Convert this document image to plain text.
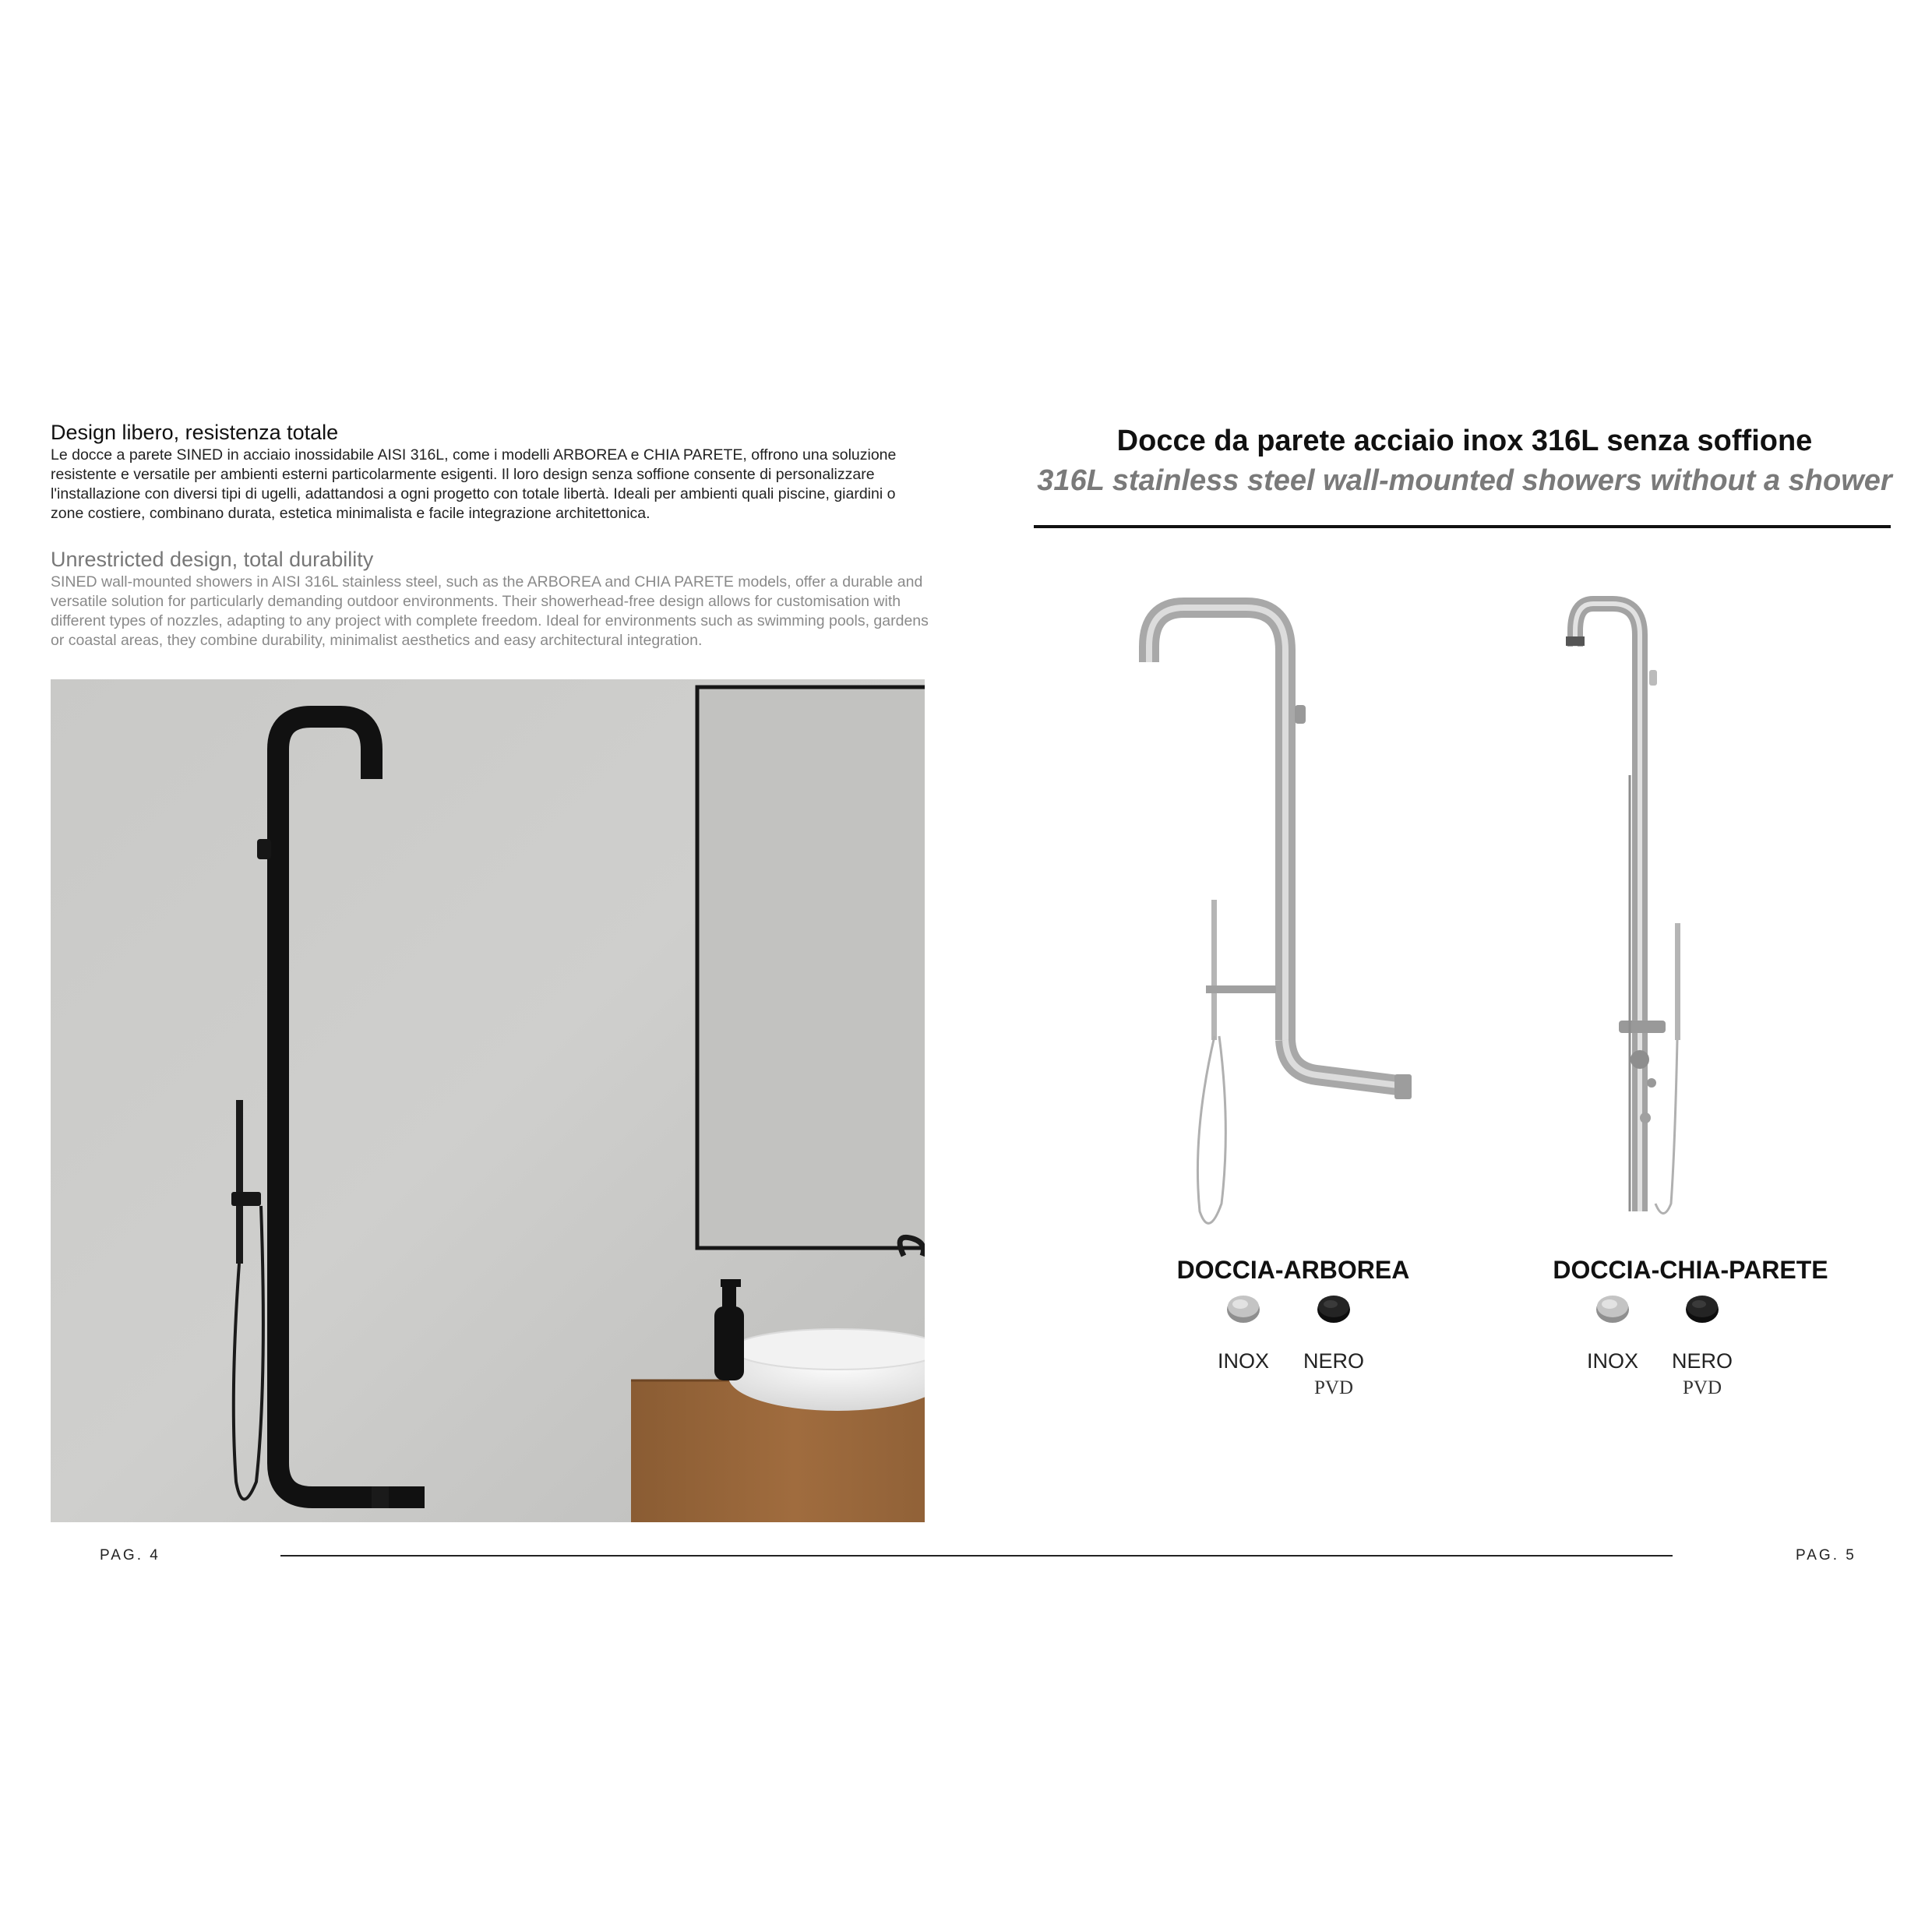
Design libero, resistenza totale
Le docce a parete SINED in acciaio inossidabile AISI 316L, come i modelli ARBOREA e CHIA PARETE, offrono una soluzione resistente e versatile per ambienti esterni particolarmente esigenti. Il loro design senza soffione consente di personalizzare l'installazione con diversi tipi di ugelli, adattandosi a ogni progetto con totale libertà. Ideali per ambienti quali piscine, giardini o zone costiere, combinano durata, estetica minimalista e facile integrazione architettonica.
Unrestricted design, total durability
SINED wall-mounted showers in AISI 316L stainless steel, such as the ARBOREA and CHIA PARETE models, offer a durable and versatile solution for particularly demanding outdoor environments. Their showerhead-free design allows for customisation with different types of nozzles, adapting to any project with complete freedom. Ideal for environments such as swimming pools, gardens or coastal areas, they combine durability, minimalist aesthetics and easy architectural integration.
Docce da parete acciaio inox 316L senza soffione
316L stainless steel wall-mounted showers without a shower
DOCCIA-ARBOREA	DOCCIA-CHIA-PARETE
INOX	NERO
PVD
INOX	NERO
PVD
PAG. 4	PAG. 5
